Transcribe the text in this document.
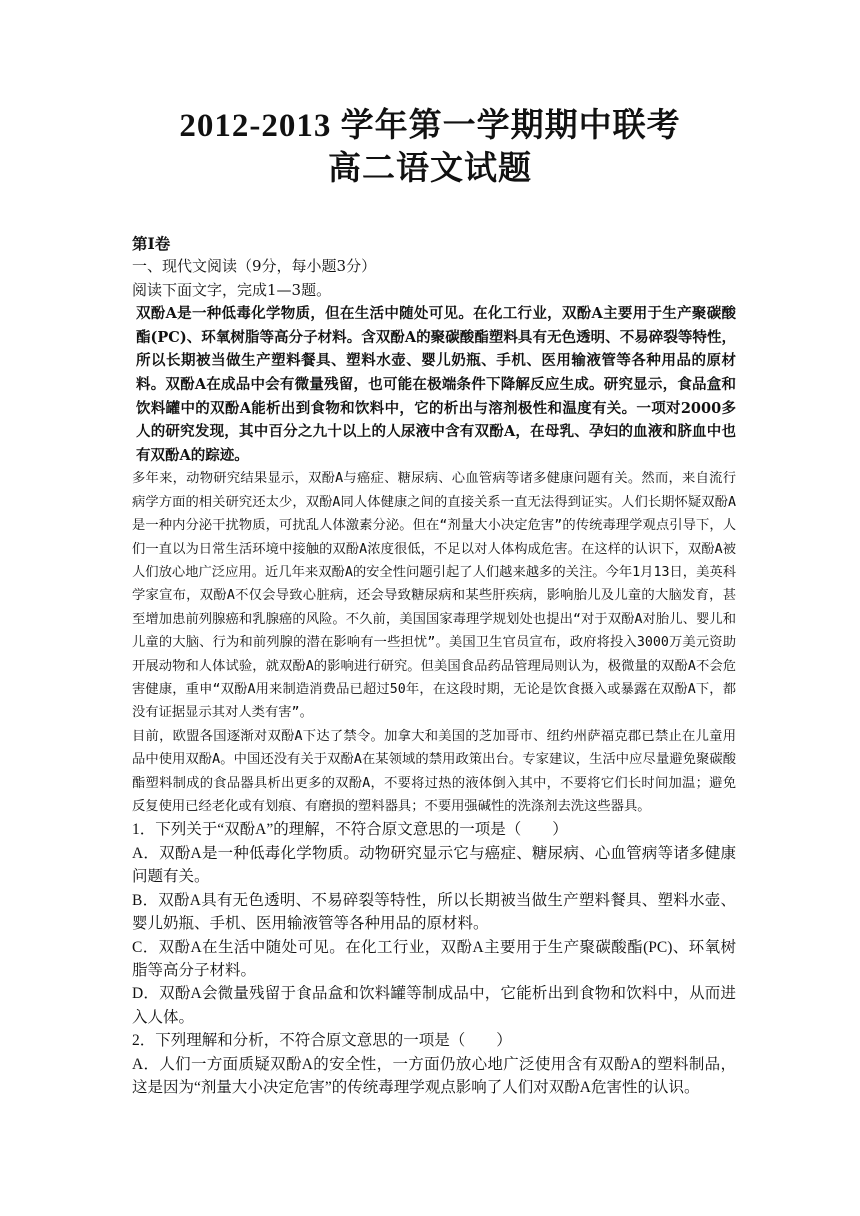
2012-2013 学年第一学期期中联考
高二语文试题

第Ⅰ卷

一、现代文阅读（9分，每小题3分）

阅读下面文字，完成1—3题。

双酚A是一种低毒化学物质，但在生活中随处可见。在化工行业，双酚A主要用于生产聚碳酸酯(PC)、环氧树脂等高分子材料。含双酚A的聚碳酸酯塑料具有无色透明、不易碎裂等特性，所以长期被当做生产塑料餐具、塑料水壶、婴儿奶瓶、手机、医用输液管等各种用品的原材料。双酚A在成品中会有微量残留，也可能在极端条件下降解反应生成。研究显示，食品盒和饮料罐中的双酚A能析出到食物和饮料中，它的析出与溶剂极性和温度有关。一项对2000多人的研究发现，其中百分之九十以上的人尿液中含有双酚A，在母乳、孕妇的血液和脐血中也有双酚A的踪迹。

多年来，动物研究结果显示，双酚A与癌症、糖尿病、心血管病等诸多健康问题有关。然而，来自流行病学方面的相关研究还太少，双酚A同人体健康之间的直接关系一直无法得到证实。人们长期怀疑双酚A是一种内分泌干扰物质，可扰乱人体激素分泌。但在“剂量大小决定危害”的传统毒理学观点引导下，人们一直以为日常生活环境中接触的双酚A浓度很低，不足以对人体构成危害。在这样的认识下，双酚A被人们放心地广泛应用。近几年来双酚A的安全性问题引起了人们越来越多的关注。今年1月13日，美英科学家宣布，双酚A不仅会导致心脏病，还会导致糖尿病和某些肝疾病，影响胎儿及儿童的大脑发育，甚至增加患前列腺癌和乳腺癌的风险。不久前，美国国家毒理学规划处也提出“对于双酚A对胎儿、婴儿和儿童的大脑、行为和前列腺的潜在影响有一些担忧”。美国卫生官员宣布，政府将投入3000万美元资助开展动物和人体试验，就双酚A的影响进行研究。但美国食品药品管理局则认为，极微量的双酚A不会危害健康，重申“双酚A用来制造消费品已超过50年，在这段时期，无论是饮食摄入或暴露在双酚A下，都没有证据显示其对人类有害”。

目前，欧盟各国逐渐对双酚A下达了禁令。加拿大和美国的芝加哥市、纽约州萨福克郡已禁止在儿童用品中使用双酚A。中国还没有关于双酚A在某领域的禁用政策出台。专家建议，生活中应尽量避免聚碳酸酯塑料制成的食品器具析出更多的双酚A，不要将过热的液体倒入其中，不要将它们长时间加温；避免反复使用已经老化或有划痕、有磨损的塑料器具；不要用强碱性的洗涤剂去洗这些器具。

1．下列关于“双酚A”的理解，不符合原文意思的一项是（　　）

A．双酚A是一种低毒化学物质。动物研究显示它与癌症、糖尿病、心血管病等诸多健康问题有关。

B．双酚A具有无色透明、不易碎裂等特性，所以长期被当做生产塑料餐具、塑料水壶、婴儿奶瓶、手机、医用输液管等各种用品的原材料。

C．双酚A在生活中随处可见。在化工行业，双酚A主要用于生产聚碳酸酯(PC)、环氧树脂等高分子材料。

D．双酚A会微量残留于食品盒和饮料罐等制成品中，它能析出到食物和饮料中，从而进入人体。

2．下列理解和分析，不符合原文意思的一项是（　　）

A．人们一方面质疑双酚A的安全性，一方面仍放心地广泛使用含有双酚A的塑料制品，这是因为“剂量大小决定危害”的传统毒理学观点影响了人们对双酚A危害性的认识。
